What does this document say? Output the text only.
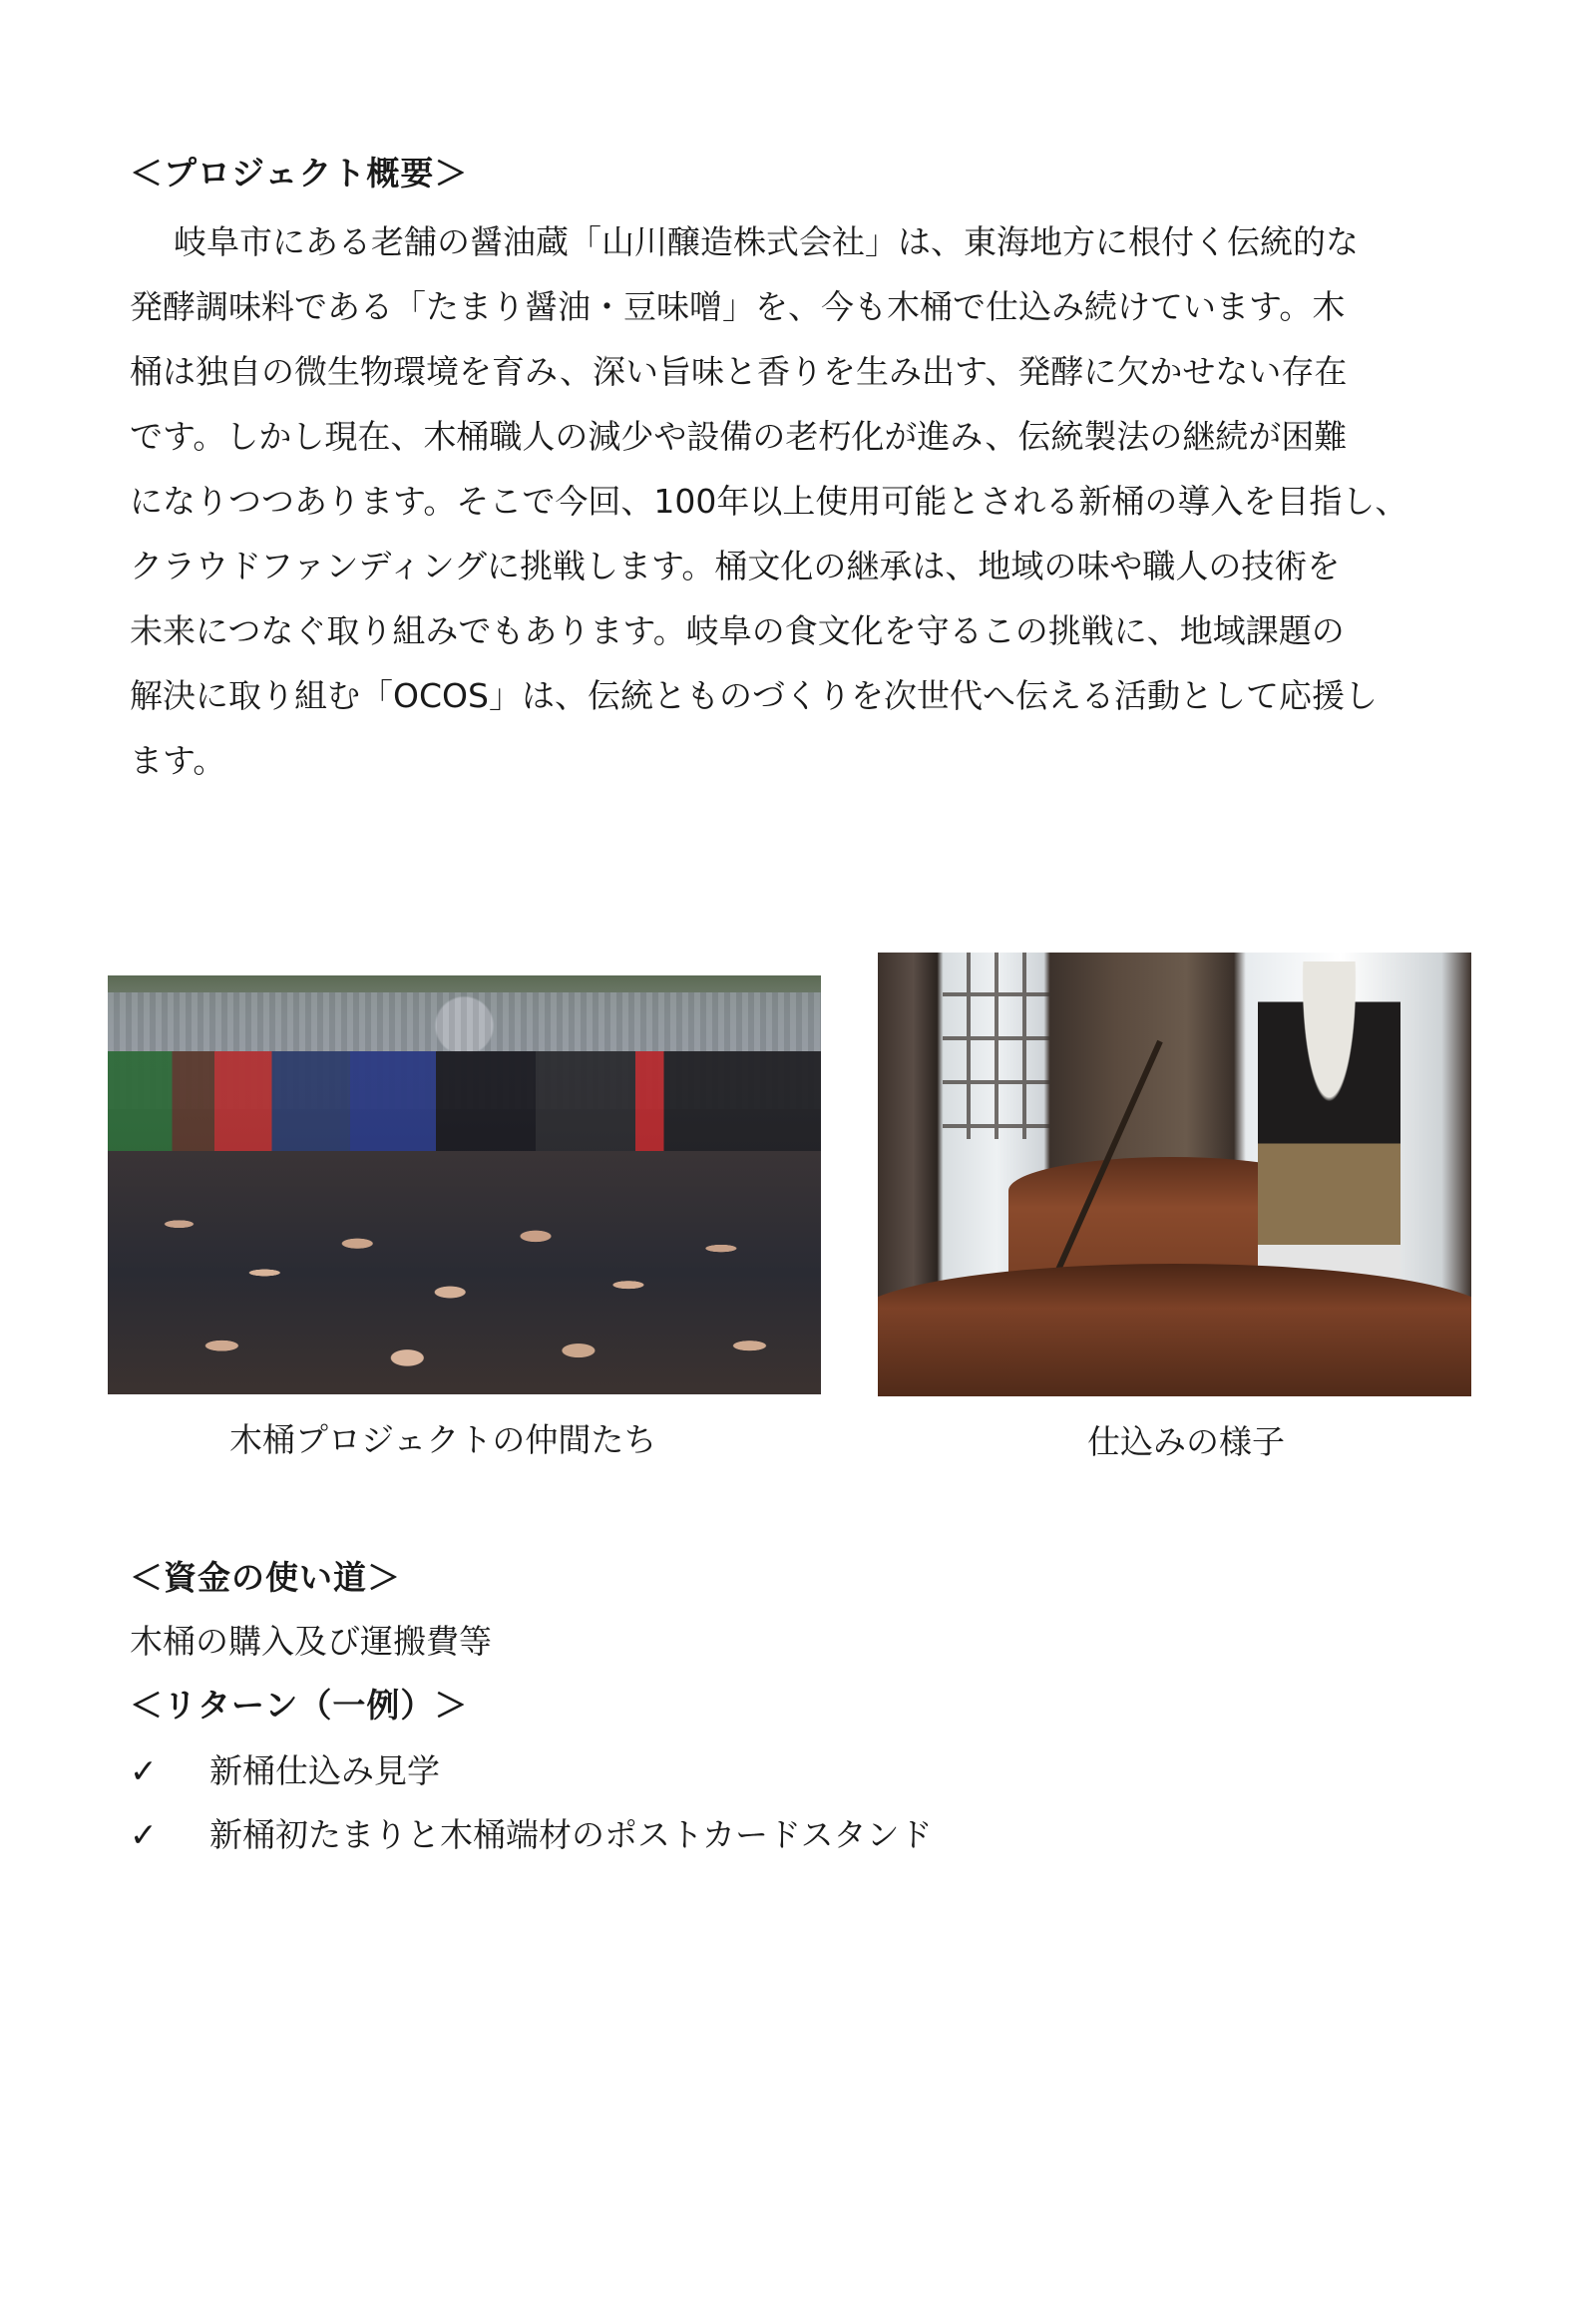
＜プロジェクト概要＞
岐阜市にある老舗の醤油蔵「山川醸造株式会社」は、東海地方に根付く伝統的な
発酵調味料である「たまり醤油・豆味噌」を、今も木桶で仕込み続けています。木
桶は独自の微生物環境を育み、深い旨味と香りを生み出す、発酵に欠かせない存在
です。しかし現在、木桶職人の減少や設備の老朽化が進み、伝統製法の継続が困難
になりつつあります。そこで今回、100年以上使用可能とされる新桶の導入を目指し、
クラウドファンディングに挑戦します。桶文化の継承は、地域の味や職人の技術を
未来につなぐ取り組みでもあります。岐阜の食文化を守るこの挑戦に、地域課題の
解決に取り組む「OCOS」は、伝統とものづくりを次世代へ伝える活動として応援し
ます。
木桶プロジェクトの仲間たち	仕込みの様子
＜資金の使い道＞
木桶の購入及び運搬費等
＜リターン（一例）＞
✓ 新桶仕込み見学
✓ 新桶初たまりと木桶端材のポストカードスタンド
